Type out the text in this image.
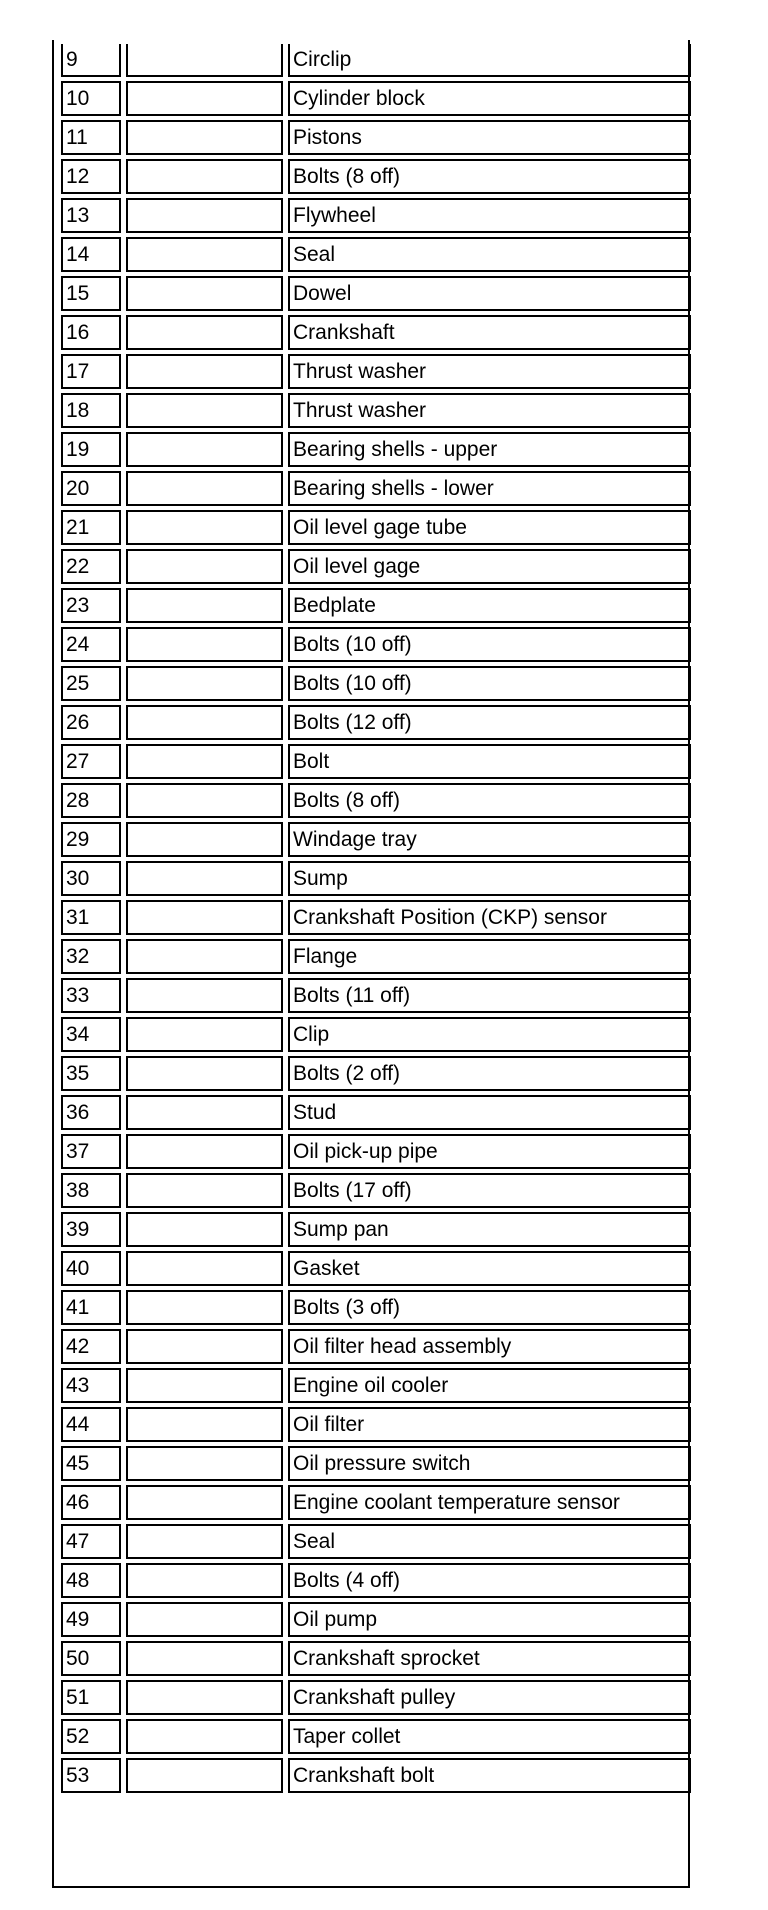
9		Circlip
10		Cylinder block
11		Pistons
12		Bolts (8 off)
13		Flywheel
14		Seal
15		Dowel
16		Crankshaft
17		Thrust washer
18		Thrust washer
19		Bearing shells - upper
20		Bearing shells - lower
21		Oil level gage tube
22		Oil level gage
23		Bedplate
24		Bolts (10 off)
25		Bolts (10 off)
26		Bolts (12 off)
27		Bolt
28		Bolts (8 off)
29		Windage tray
30		Sump
31		Crankshaft Position (CKP) sensor
32		Flange
33		Bolts (11 off)
34		Clip
35		Bolts (2 off)
36		Stud
37		Oil pick-up pipe
38		Bolts (17 off)
39		Sump pan
40		Gasket
41		Bolts (3 off)
42		Oil filter head assembly
43		Engine oil cooler
44		Oil filter
45		Oil pressure switch
46		Engine coolant temperature sensor
47		Seal
48		Bolts (4 off)
49		Oil pump
50		Crankshaft sprocket
51		Crankshaft pulley
52		Taper collet
53		Crankshaft bolt
